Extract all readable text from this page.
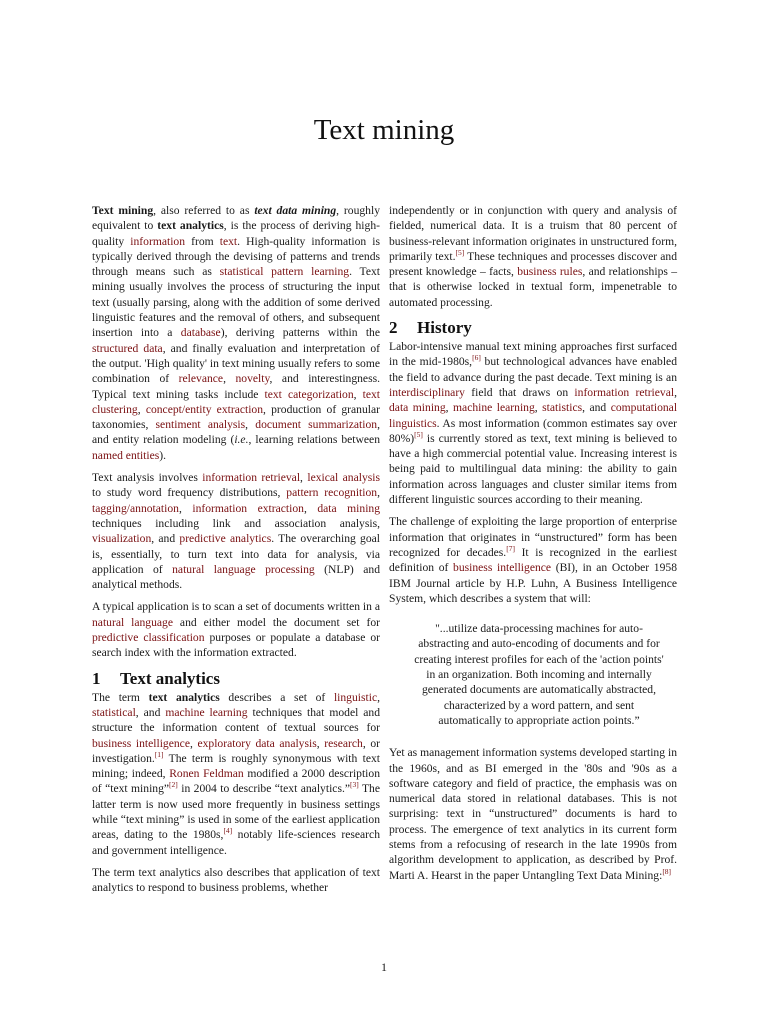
Text mining

Text mining, also referred to as text data mining, roughly equivalent to text analytics, is the process of deriving high-quality information from text. High-quality information is typically derived through the devising of patterns and trends through means such as statistical pattern learning. Text mining usually involves the process of structuring the input text (usually parsing, along with the addition of some derived linguistic features and the removal of others, and subsequent insertion into a database), deriving patterns within the structured data, and finally evaluation and interpretation of the output. 'High quality' in text mining usually refers to some combination of relevance, novelty, and interestingness. Typical text mining tasks include text categorization, text clustering, concept/entity extraction, production of granular taxonomies, sentiment analysis, document summarization, and entity relation modeling (i.e., learning relations between named entities).

Text analysis involves information retrieval, lexical analysis to study word frequency distributions, pattern recognition, tagging/annotation, information extraction, data mining techniques including link and association analysis, visualization, and predictive analytics. The overarching goal is, essentially, to turn text into data for analysis, via application of natural language processing (NLP) and analytical methods.

A typical application is to scan a set of documents written in a natural language and either model the document set for predictive classification purposes or populate a database or search index with the information extracted.

1 Text analytics

The term text analytics describes a set of linguistic, statistical, and machine learning techniques that model and structure the information content of textual sources for business intelligence, exploratory data analysis, research, or investigation.[1] The term is roughly synonymous with text mining; indeed, Ronen Feldman modified a 2000 description of “text mining”[2] in 2004 to describe “text analytics.”[3] The latter term is now used more frequently in business settings while “text mining” is used in some of the earliest application areas, dating to the 1980s,[4] notably life-sciences research and government intelligence.

The term text analytics also describes that application of text analytics to respond to business problems, whether

independently or in conjunction with query and analysis of fielded, numerical data. It is a truism that 80 percent of business-relevant information originates in unstructured form, primarily text.[5] These techniques and processes discover and present knowledge – facts, business rules, and relationships – that is otherwise locked in textual form, impenetrable to automated processing.

2 History

Labor-intensive manual text mining approaches first surfaced in the mid-1980s,[6] but technological advances have enabled the field to advance during the past decade. Text mining is an interdisciplinary field that draws on information retrieval, data mining, machine learning, statistics, and computational linguistics. As most information (common estimates say over 80%)[5] is currently stored as text, text mining is believed to have a high commercial potential value. Increasing interest is being paid to multilingual data mining: the ability to gain information across languages and cluster similar items from different linguistic sources according to their meaning.

The challenge of exploiting the large proportion of enterprise information that originates in “unstructured” form has been recognized for decades.[7] It is recognized in the earliest definition of business intelligence (BI), in an October 1958 IBM Journal article by H.P. Luhn, A Business Intelligence System, which describes a system that will:

"...utilize data-processing machines for auto-abstracting and auto-encoding of documents and for creating interest profiles for each of the 'action points' in an organization. Both incoming and internally generated documents are automatically abstracted, characterized by a word pattern, and sent automatically to appropriate action points.”

Yet as management information systems developed starting in the 1960s, and as BI emerged in the '80s and '90s as a software category and field of practice, the emphasis was on numerical data stored in relational databases. This is not surprising: text in “unstructured” documents is hard to process. The emergence of text analytics in its current form stems from a refocusing of research in the late 1990s from algorithm development to application, as described by Prof. Marti A. Hearst in the paper Untangling Text Data Mining:[8]

1
